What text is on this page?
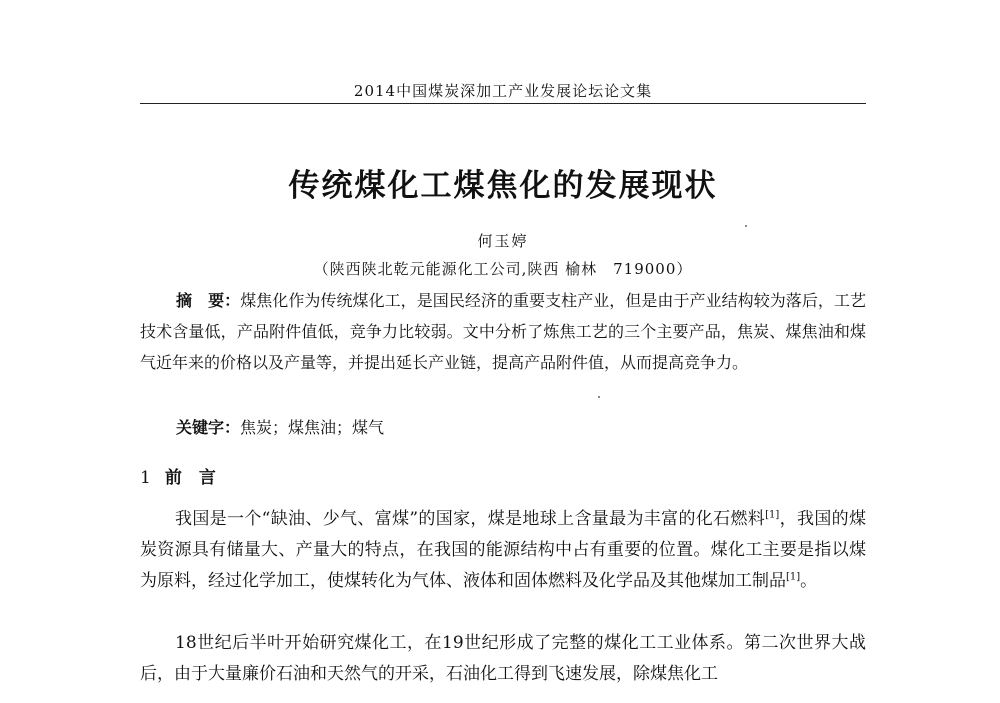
2014中国煤炭深加工产业发展论坛论文集
传统煤化工煤焦化的发展现状
何玉婷
（陕西陕北乾元能源化工公司,陕西 榆林　719000）

摘　要：煤焦化作为传统煤化工，是国民经济的重要支柱产业，但是由于产业结构较为落后，工艺技术含量低，产品附件值低，竞争力比较弱。文中分析了炼焦工艺的三个主要产品，焦炭、煤焦油和煤气近年来的价格以及产量等，并提出延长产业链，提高产品附件值，从而提高竞争力。

关键字：焦炭；煤焦油；煤气
1 前　言

我国是一个“缺油、少气、富煤”的国家，煤是地球上含量最为丰富的化石燃料[1]，我国的煤炭资源具有储量大、产量大的特点，在我国的能源结构中占有重要的位置。煤化工主要是指以煤为原料，经过化学加工，使煤转化为气体、液体和固体燃料及化学品及其他煤加工制品[1]。

18世纪后半叶开始研究煤化工，在19世纪形成了完整的煤化工工业体系。第二次世界大战后，由于大量廉价石油和天然气的开采，石油化工得到飞速发展，除煤焦化工
